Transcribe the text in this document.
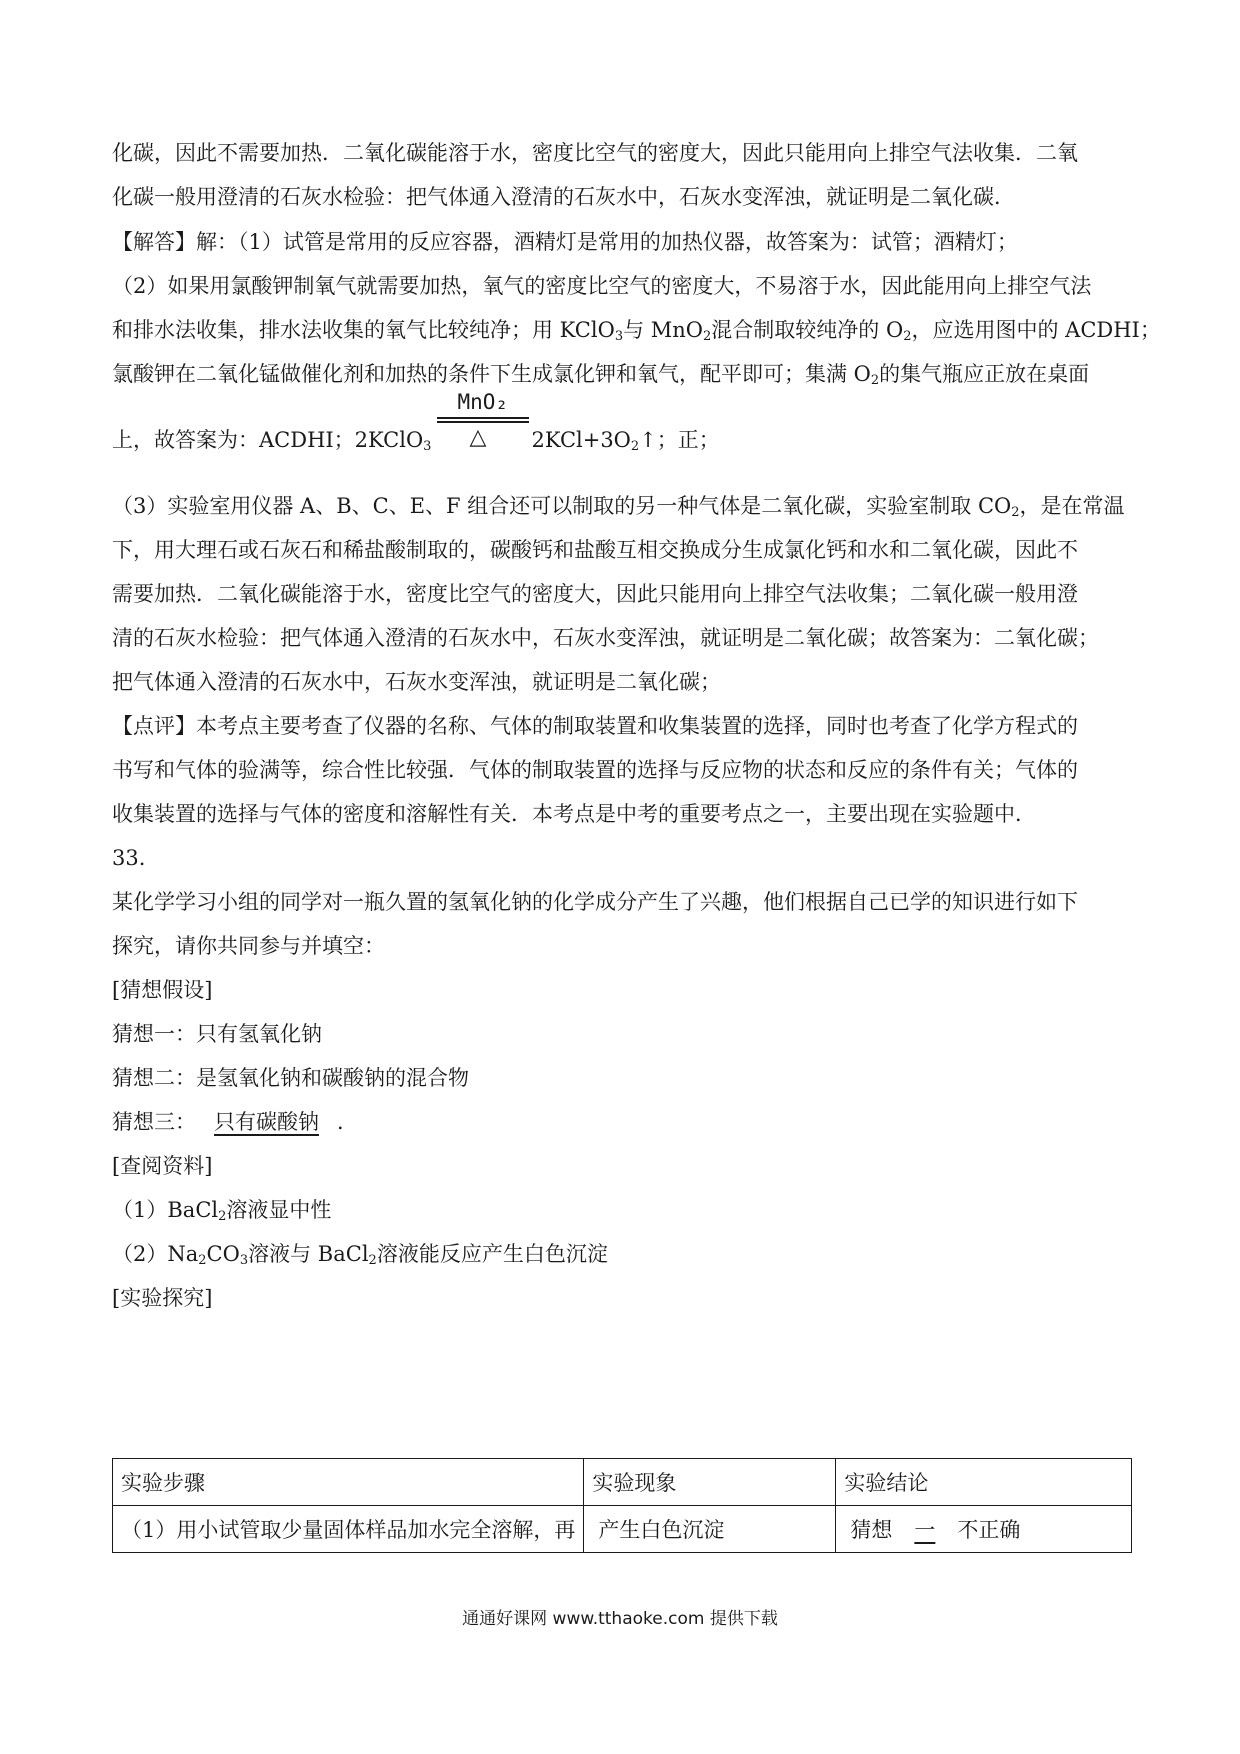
化碳，因此不需要加热．二氧化碳能溶于水，密度比空气的密度大，因此只能用向上排空气法收集．二氧
化碳一般用澄清的石灰水检验：把气体通入澄清的石灰水中，石灰水变浑浊，就证明是二氧化碳．
【解答】解：（1）试管是常用的反应容器，酒精灯是常用的加热仪器，故答案为：试管；酒精灯；
（2）如果用氯酸钾制氧气就需要加热，氧气的密度比空气的密度大，不易溶于水，因此能用向上排空气法
和排水法收集，排水法收集的氧气比较纯净；用 KClO$_3$与 MnO$_2$混合制取较纯净的 $O_2$，应选用图中的 ACDHI；
氯酸钾在二氧化锰做催化剂和加热的条件下生成氯化钾和氧气，配平即可；集满 $O_2$的集气瓶应正放在桌面
上，故答案为：ACDHI；2KClO$_3$
MnO₂
△ $2KCl+3O_2↑$；正；
（3）实验室用仪器 A、B、C、E、F 组合还可以制取的另一种气体是二氧化碳，实验室制取 $CO_2$，是在常温
下，用大理石或石灰石和稀盐酸制取的，碳酸钙和盐酸互相交换成分生成氯化钙和水和二氧化碳，因此不
需要加热．二氧化碳能溶于水，密度比空气的密度大，因此只能用向上排空气法收集；二氧化碳一般用澄
清的石灰水检验：把气体通入澄清的石灰水中，石灰水变浑浊，就证明是二氧化碳；故答案为：二氧化碳；
把气体通入澄清的石灰水中，石灰水变浑浊，就证明是二氧化碳；
【点评】本考点主要考查了仪器的名称、气体的制取装置和收集装置的选择，同时也考查了化学方程式的
书写和气体的验满等，综合性比较强．气体的制取装置的选择与反应物的状态和反应的条件有关；气体的
收集装置的选择与气体的密度和溶解性有关．本考点是中考的重要考点之一，主要出现在实验题中．
33.
某化学学习小组的同学对一瓶久置的氢氧化钠的化学成分产生了兴趣，他们根据自己已学的知识进行如下
探究，请你共同参与并填空：
[猜想假设]
猜想一：只有氢氧化钠
猜想二：是氢氧化钠和碳酸钠的混合物
猜想三： 只有碳酸钠 ．
[查阅资料]
（1）BaCl$_2$溶液显中性
$(2)Na_2CO_3$溶液与 BaCl$_2$溶液能反应产生白色沉淀
[实验探究]
实验步骤	实验现象	实验结论
（1）用小试管取少量固体样品加水完全溶解，再	产生白色沉淀	猜想 一 不正确
通通好课网 www.tthaoke.com 提供下载
